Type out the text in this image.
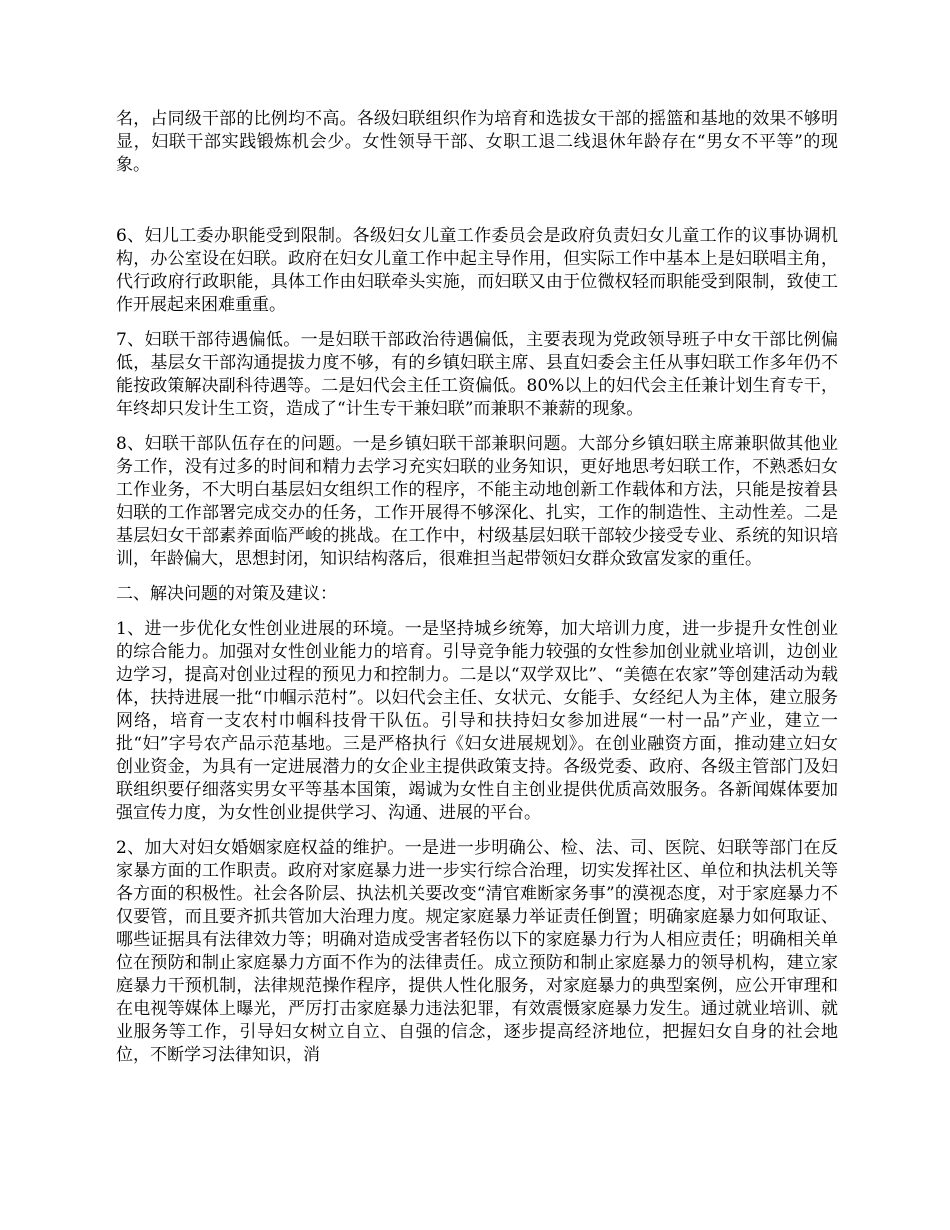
名，占同级干部的比例均不高。各级妇联组织作为培育和选拔女干部的摇篮和基地的效果不够明显，妇联干部实践锻炼机会少。女性领导干部、女职工退二线退休年龄存在“男女不平等”的现象。

6、妇儿工委办职能受到限制。各级妇女儿童工作委员会是政府负责妇女儿童工作的议事协调机构，办公室设在妇联。政府在妇女儿童工作中起主导作用，但实际工作中基本上是妇联唱主角，代行政府行政职能，具体工作由妇联牵头实施，而妇联又由于位微权轻而职能受到限制，致使工作开展起来困难重重。

7、妇联干部待遇偏低。一是妇联干部政治待遇偏低，主要表现为党政领导班子中女干部比例偏低，基层女干部沟通提拔力度不够，有的乡镇妇联主席、县直妇委会主任从事妇联工作多年仍不能按政策解决副科待遇等。二是妇代会主任工资偏低。80%以上的妇代会主任兼计划生育专干，年终却只发计生工资，造成了“计生专干兼妇联”而兼职不兼薪的现象。

8、妇联干部队伍存在的问题。一是乡镇妇联干部兼职问题。大部分乡镇妇联主席兼职做其他业务工作，没有过多的时间和精力去学习充实妇联的业务知识，更好地思考妇联工作，不熟悉妇女工作业务，不大明白基层妇女组织工作的程序，不能主动地创新工作载体和方法，只能是按着县妇联的工作部署完成交办的任务，工作开展得不够深化、扎实，工作的制造性、主动性差。二是基层妇女干部素养面临严峻的挑战。在工作中，村级基层妇联干部较少接受专业、系统的知识培训，年龄偏大，思想封闭，知识结构落后，很难担当起带领妇女群众致富发家的重任。

二、解决问题的对策及建议：

1、进一步优化女性创业进展的环境。一是坚持城乡统筹，加大培训力度，进一步提升女性创业的综合能力。加强对女性创业能力的培育。引导竞争能力较强的女性参加创业就业培训，边创业边学习，提高对创业过程的预见力和控制力。二是以“双学双比”、“美德在农家”等创建活动为载体，扶持进展一批“巾帼示范村”。以妇代会主任、女状元、女能手、女经纪人为主体，建立服务网络，培育一支农村巾帼科技骨干队伍。引导和扶持妇女参加进展“一村一品”产业，建立一批“妇”字号农产品示范基地。三是严格执行《妇女进展规划》。在创业融资方面，推动建立妇女创业资金，为具有一定进展潜力的女企业主提供政策支持。各级党委、政府、各级主管部门及妇联组织要仔细落实男女平等基本国策，竭诚为女性自主创业提供优质高效服务。各新闻媒体要加强宣传力度，为女性创业提供学习、沟通、进展的平台。

2、加大对妇女婚姻家庭权益的维护。一是进一步明确公、检、法、司、医院、妇联等部门在反家暴方面的工作职责。政府对家庭暴力进一步实行综合治理，切实发挥社区、单位和执法机关等各方面的积极性。社会各阶层、执法机关要改变“清官难断家务事”的漠视态度，对于家庭暴力不仅要管，而且要齐抓共管加大治理力度。规定家庭暴力举证责任倒置；明确家庭暴力如何取证、哪些证据具有法律效力等；明确对造成受害者轻伤以下的家庭暴力行为人相应责任；明确相关单位在预防和制止家庭暴力方面不作为的法律责任。成立预防和制止家庭暴力的领导机构，建立家庭暴力干预机制，法律规范操作程序，提供人性化服务，对家庭暴力的典型案例，应公开审理和在电视等媒体上曝光，严厉打击家庭暴力违法犯罪，有效震慑家庭暴力发生。通过就业培训、就业服务等工作，引导妇女树立自立、自强的信念，逐步提高经济地位，把握妇女自身的社会地位，不断学习法律知识，消
